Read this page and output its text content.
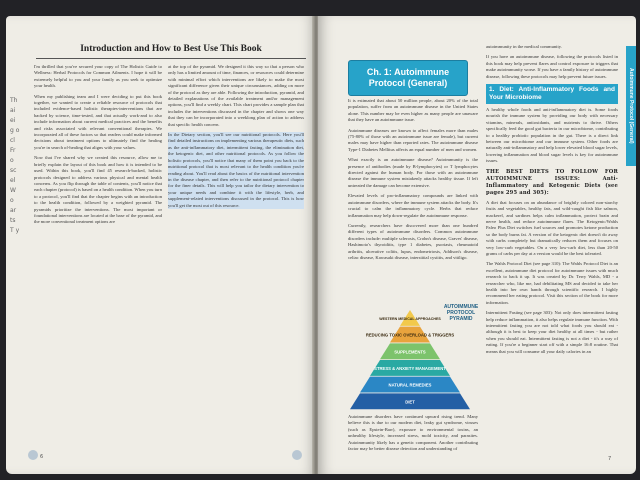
Introduction and How to Best Use This Book
Th ai ei g o cl Fr o sc el W o ar ts T y

I'm thrilled that you've secured your copy of The Holistic Guide to Wellness: Herbal Protocols for Common Ailments. I hope it will be extremely helpful to you and your family as you seek to optimize your health.

When my publishing team and I were deciding to put this book together, we wanted to create a reliable resource of protocols that included evidence-based holistic therapies-interventions that are backed by science, time-tested, and that actually work-and to also include information about current medical practices and the benefits and risks associated with relevant conventional therapies. We incorporated all of these factors so that readers could make informed decisions about treatment options to ultimately find the healing you're in search of-healing that aligns with your values.

Now that I've shared why we created this resource, allow me to briefly explain the layout of this book and how it is intended to be used. Within this book, you'll find 45 research-backed, holistic protocols designed to address various physical and mental health concerns. As you flip through the table of contents, you'll notice that each chapter (protocol) is based on a health condition. When you turn to a protocol, you'll find that the chapter begins with an introduction to the health condition, followed by a weighted pyramid. The pyramids prioritize the interventions. The most important or foundational interventions are located at the base of the pyramid, and the more conventional treatment options are

at the top of the pyramid. We designed it this way so that a person who only has a limited amount of time, finances, or resources could determine with minimal effort which interventions are likely to make the most significant difference given their unique circumstances, adding on more of the protocol as they are able. Following the introduction, pyramid, and detailed explanations of the available treatment and/or management options, you'll find a weekly chart. This chart provides a sample plan that includes the interventions discussed in the chapter and shows one way that they can be incorporated into a weeklong plan of action to address that specific health concern.

In the Dietary section, you'll see our nutritional protocols. Here you'll find detailed instructions on implementing various therapeutic diets, such as the anti-inflammatory diet, intermittent fasting, the elimination diet, the ketogenic diet, and other nutritional protocols. As you follow the holistic protocols, you'll notice that many of them point you back to the nutritional protocol that is most relevant to the health condition you're reading about. You'll read about the basics of the nutritional intervention in the disease chapter, and then refer to the nutritional protocol chapter for the finer details. This will help you tailor the dietary intervention to your unique needs and combine it with the lifestyle, herb, and supplement-related interventions discussed in the protocol. This is how you'll get the most out of this resource.

6
Ch. 1: Autoimmune Protocol (General)	Autoimmune Protocol (General)

It is estimated that about 50 million people, about 20% of the total population, suffer from an autoimmune disease in the United States alone. This number may be even higher as many people are unaware that they have an autoimmune issue.

Autoimmune diseases are known to affect females more than males (75-80% of those with an autoimmune issue are female), but current males may have higher than reported rates. The autoimmune disease Type-1 Diabetes Mellitus affects an equal number of men and women.

What exactly is an autoimmune disease? Autoimmunity is the presence of antibodies (made by B-lymphocytes) or T lymphocytes directed against the human body. For those with an autoimmune disease the immune system mistakenly attacks healthy tissue. If left untreated the damage can become extensive.

Elevated levels of pro-inflammatory compounds are linked with autoimmune disorders, where the immune system attacks the body. It's crucial to calm the inflammatory cycle. Herbs that reduce inflammation may help down-regulate the autoimmune response.

Currently, researchers have discovered more than one hundred different types of autoimmune disorders. Common autoimmune disorders include: multiple sclerosis, Crohn's disease, Graves' disease, Hashimoto's thyroiditis, type 1 diabetes, psoriasis, rheumatoid arthritis, ulcerative colitis, lupus, endometriosis, Addison's disease, celiac disease, Kawasaki disease, interstitial cystitis, and vitiligo.

WESTERN MEDICAL APPROACHES
REDUCING TOXIC OVERLOAD & TRIGGERS
SUPPLEMENTS
STRESS & ANXIETY MANAGEMENT
NATURAL REMEDIES
DIET
AUTOIMMUNE PROTOCOL PYRAMID

Autoimmune disorders have continued upward rising trend. Many believe this is due to our modern diet, leaky gut syndrome, viruses (such as Epstein-Barr), exposure to environmental toxins, an unhealthy lifestyle, increased stress, mold toxicity, and parasites. Autoimmunity likely has a genetic component. Another contributing factor may be better disease detection and understanding of

autoimmunity in the medical community.

If you have an autoimmune disease, following the protocols listed in this book may help prevent flares and control exposure to triggers that make autoimmunity worse. If you have a family history of autoimmune disease, following these protocols may help prevent future issues.

1. Diet: Anti-Inflammatory Foods and Your Microbiome

A healthy whole foods and anti-inflammatory diet is. Some foods nourish the immune system by providing our body with necessary vitamins, minerals, antioxidants, and nutrients to thrive. Others specifically feed the good gut bacteria in our microbiome, contributing to a healthy probiotic population in the gut. There is a direct link between our microbiome and our immune system. Other foods are naturally anti-inflammatory and help lower elevated blood sugar levels, lowering inflammation and blood sugar levels is key for autoimmune issues.

THE BEST DIETS TO FOLLOW FOR AUTOIMMUNE ISSUES: Anti-Inflammatory and Ketogenic Diets (see pages 295 and 305):

A diet that focuses on an abundance of brightly colored non-starchy fruits and vegetables, healthy fats, and wild-caught fish like salmon, mackerel, and sardines helps calm inflammation, protect brain and nerve health, and reduce autoimmune flares. The Ketogenic/Wahls Paleo Plus Diet switches fuel sources and promotes ketone production so the body burns fat. A version of the ketogenic diet doesn't do away with carbs completely but dramatically reduces them and focuses on very low-carb vegetables. On a very low-carb diet, less than 20-50 grams of carbs per day at a version would be the best tolerated.

The Wahls Protocol Diet (see page 310): The Wahls Protocol Diet is an excellent, autoimmune diet protocol for autoimmune issues with much research to back it up. It was created by Dr. Terry Wahls, MD - a researcher who, like me, had debilitating MS and decided to take her health into her own hands through scientific research. I highly recommend her eating protocol. Visit this section of the book for more information.

Intermittent Fasting (see page 303): Not only does intermittent fasting help reduce inflammation, it also helps regulate immune function. With intermittent fasting you are not told what foods you should eat - although it is best to keep your diet healthy at all times - but rather when you should eat. Intermittent fasting is not a diet - it's a way of eating. If you're a beginner start off with a simple 16:8 routine. That means that you will consume all your daily calories in an

7
